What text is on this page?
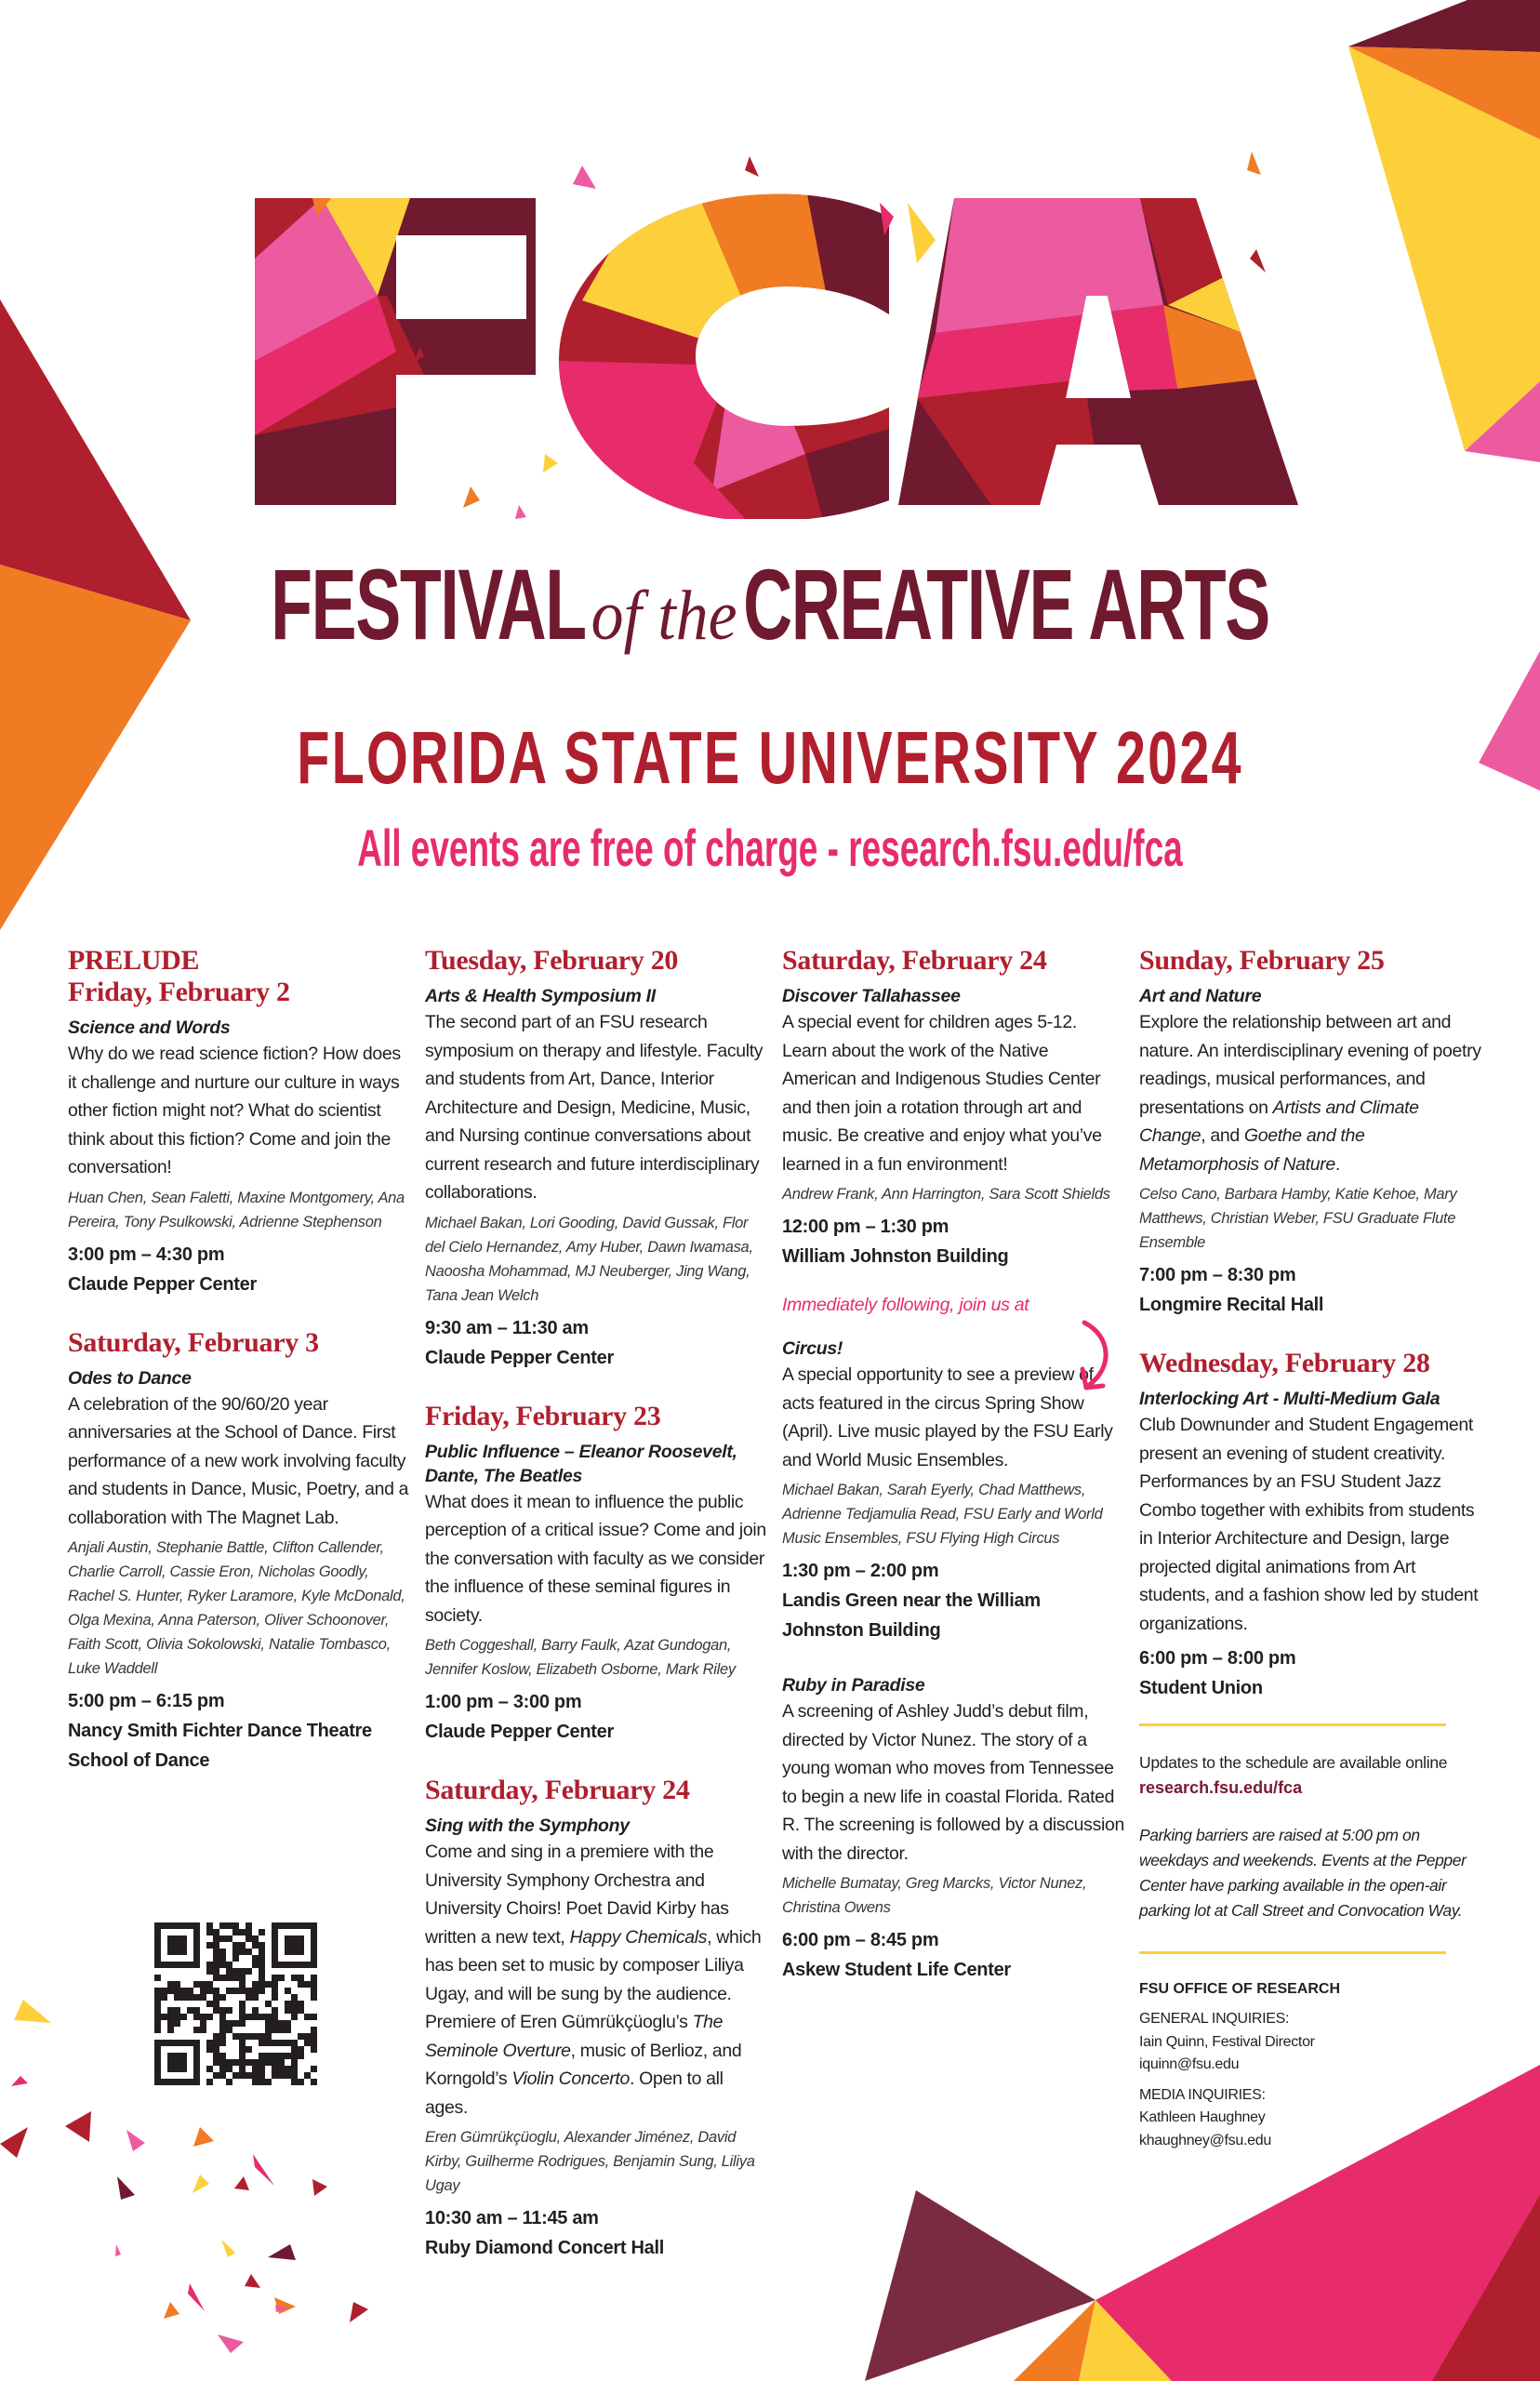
FESTIVAL of the CREATIVE ARTS
FLORIDA STATE UNIVERSITY 2024
All events are free of charge - research.fsu.edu/fca
PRELUDE
Friday, February 2
Science and Words
Why do we read science fiction? How does it challenge and nurture our culture in ways other fiction might not? What do scientist think about this fiction? Come and join the conversation!
Huan Chen, Sean Faletti, Maxine Montgomery, Ana Pereira, Tony Psulkowski, Adrienne Stephenson
3:00 pm – 4:30 pm
Claude Pepper Center
Saturday, February 3
Odes to Dance
A celebration of the 90/60/20 year anniversaries at the School of Dance. First performance of a new work involving faculty and students in Dance, Music, Poetry, and a collaboration with The Magnet Lab.
Anjali Austin, Stephanie Battle, Clifton Callender, Charlie Carroll, Cassie Eron, Nicholas Goodly, Rachel S. Hunter, Ryker Laramore, Kyle McDonald, Olga Mexina, Anna Paterson, Oliver Schoonover, Faith Scott, Olivia Sokolowski, Natalie Tombasco, Luke Waddell
5:00 pm – 6:15 pm
Nancy Smith Fichter Dance Theatre
School of Dance
Tuesday, February 20
Arts & Health Symposium II
The second part of an FSU research symposium on therapy and lifestyle. Faculty and students from Art, Dance, Interior Architecture and Design, Medicine, Music, and Nursing continue conversations about current research and future interdisciplinary collaborations.
Michael Bakan, Lori Gooding, David Gussak, Flor del Cielo Hernandez, Amy Huber, Dawn Iwamasa, Naoosha Mohammad, MJ Neuberger, Jing Wang, Tana Jean Welch
9:30 am – 11:30 am
Claude Pepper Center
Friday, February 23
Public Influence – Eleanor Roosevelt, Dante, The Beatles
What does it mean to influence the public perception of a critical issue? Come and join the conversation with faculty as we consider the influence of these seminal figures in society.
Beth Coggeshall, Barry Faulk, Azat Gundogan, Jennifer Koslow, Elizabeth Osborne, Mark Riley
1:00 pm – 3:00 pm
Claude Pepper Center
Saturday, February 24
Sing with the Symphony
Come and sing in a premiere with the University Symphony Orchestra and University Choirs! Poet David Kirby has written a new text, Happy Chemicals, which has been set to music by composer Liliya Ugay, and will be sung by the audience. Premiere of Eren Gümrükçüoglu’s The Seminole Overture, music of Berlioz, and Korngold’s Violin Concerto. Open to all ages.
Eren Gümrükçüoglu, Alexander Jiménez, David Kirby, Guilherme Rodrigues, Benjamin Sung, Liliya Ugay
10:30 am – 11:45 am
Ruby Diamond Concert Hall
Saturday, February 24
Discover Tallahassee
A special event for children ages 5-12. Learn about the work of the Native American and Indigenous Studies Center and then join a rotation through art and music. Be creative and enjoy what you’ve learned in a fun environment!
Andrew Frank, Ann Harrington, Sara Scott Shields
12:00 pm – 1:30 pm
William Johnston Building
Immediately following, join us at
Circus!
A special opportunity to see a preview of acts featured in the circus Spring Show (April). Live music played by the FSU Early and World Music Ensembles.
Michael Bakan, Sarah Eyerly, Chad Matthews, Adrienne Tedjamulia Read, FSU Early and World Music Ensembles, FSU Flying High Circus
1:30 pm – 2:00 pm
Landis Green near the William Johnston Building
Ruby in Paradise
A screening of Ashley Judd’s debut film, directed by Victor Nunez. The story of a young woman who moves from Tennessee to begin a new life in coastal Florida. Rated R. The screening is followed by a discussion with the director.
Michelle Bumatay, Greg Marcks, Victor Nunez, Christina Owens
6:00 pm – 8:45 pm
Askew Student Life Center
Sunday, February 25
Art and Nature
Explore the relationship between art and nature. An interdisciplinary evening of poetry readings, musical performances, and presentations on Artists and Climate Change, and Goethe and the Metamorphosis of Nature.
Celso Cano, Barbara Hamby, Katie Kehoe, Mary Matthews, Christian Weber, FSU Graduate Flute Ensemble
7:00 pm – 8:30 pm
Longmire Recital Hall
Wednesday, February 28
Interlocking Art - Multi-Medium Gala
Club Downunder and Student Engagement present an evening of student creativity. Performances by an FSU Student Jazz Combo together with exhibits from students in Interior Architecture and Design, large projected digital animations from Art students, and a fashion show led by student organizations.
6:00 pm – 8:00 pm
Student Union
Updates to the schedule are available online
research.fsu.edu/fca
Parking barriers are raised at 5:00 pm on weekdays and weekends. Events at the Pepper Center have parking available in the open-air parking lot at Call Street and Convocation Way.
FSU OFFICE OF RESEARCH
GENERAL INQUIRIES:
Iain Quinn, Festival Director
iquinn@fsu.edu
MEDIA INQUIRIES:
Kathleen Haughney
khaughney@fsu.edu
